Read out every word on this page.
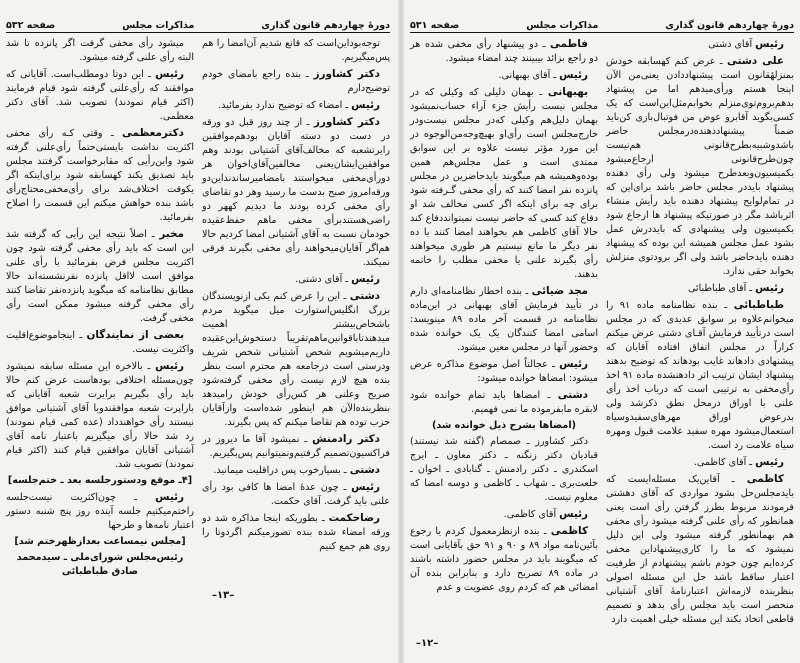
دورهٔ چهاردهم قانون گذاری
مذاکرات مجلس
صفحه ۵۳۲

توجه‌بوداین‌است که قانع شدیم آن‌امضا را هم پس‌میگیریم.

دکتر کشاورز ـ بنده راجع بامضای خودم توضیح‌دارم

رئیس ـ امضاء که توضیح ندارد بفرمائید.

دکتر کشاورز ـ از چند روز قبل دو ورقه در دست دو دسته آقایان بودهم‌موافقین رایرتشعبه که مخالف‌آقای آشتیانی بودند وهم موافقین‌ایشان‌یعنی مخالفین‌آقای‌اخوان هر دورأی‌مخفی میخواستند بامضامیرساندنداین‌دو ورقه‌امروز صبح بدست ما رسید وهر دو تقاضای رأی مخفی کرده بودند ما دیدیم کههر دو راضی‌هستندبرأی مخفی ماهم حفظ‌عقیده خودمان نسبت به آقای آشتیانی امضا کردیم حالا هم‌اگر آقایان‌میخواهند رأی مخفی بگیرند فرقی نمیکند.

رئیس ـ آقای دشتی.

دشتی ـ این را عرض کنم یکی ازنویسندگان بزرگ انگلیس‌استوارت میل میگوید مردم باشخاص‌بیشتر اهمیت میدهندتاباقوانین‌ماهم‌تقریباً دستخوش‌این‌عقیده داریم‌میشویم شخص آشتیانی شخص شریف ودرستی است درجامعه هم محترم است بنظر بنده هیچ لازم نیست رأی مخفی گرفته‌شود صریح وعلنی هر کس‌رأی خودش رامیدهد بنظربنده‌الآن هم اینطور شده‌است وازآقایان حزب توده هم تقاضا میکنم که پس بگیرند.

دکتر رادمنش ـ نمیشود آقا ما دیروز در فراکسیون‌تصمیم گرفتیم‌ونمیتوانیم پس‌بگیریم.

دشتی ـ بسیارخوب پس دراقلیت میمانید.

رئیس ـ چون عدهٔ امضا ها کافی بود رأی علنی باید گرفت. آقای حکمت.

رضاحکمت ـ بطوریکه اینجا مذاکره شد دو ورقه امضاء شده بنده تصورمیکنم اگردوتا را روی هم جمع کنیم

میشود رأی مخفی گرفت اگر پانزده تا شد البته رأی علنی گرفته میشود.

رئیس ـ این دوتا دومطلب‌است. آقایانی که موافقند که رأی‌علنی گرفته شود قیام فرمایند (اکثر قیام نمودند) تصویب شد. آقای دکتر معظمی.

دکترمعظمی ـ وقتی کـه رأی مخفی اکثریت نداشت بایستی‌حتماً رأی‌علنی گرفته شود واین‌رأیی که مقابرخواست گرفتند مجلس باید تصدیق بکند کهسابقه شود برای‌اینکه اگر یکوقت اختلاف‌شد برای رأی‌مخفی‌محتاج‌رأی باشد بنده خواهش میکنم این قسمت را اصلاح بفرمائید.

مخبر ـ اصلاً نتیجه این رأیی که گرفته شد این است که باید رأی مخفی گرفته شود چون اکثریت مجلس فرض بفرمائید با رأی علنی موافق است لااقل پانزده نفرنشسته‌اند حالا مطابق نظامنامه که میگوید پانزده‌نفر تقاضا کنند رأی مخفی گرفته میشود ممکن است رأی مخفی گرفت.

بعضی از نمایندگان ـ اینجاموضوع‌اقلیت واکثریت نیست.

رئیس ـ بالاخره این مسئله سابقه نمیشود چون‌مسئله اختلافی بودهاست عرض کنم حالا باید رأی بگیریم برایرت شعبه آقایانی که باراپرت شعبه موافقندوبا آقای آشتیانی موافق نیستند رأی خواهندداد (عده کمی قیام نمودند) رد شد حالا رأی میگیریم باعتبار نامه آقای آشتیانی آقایان موافقین قیام کنند (اکثر قیام نمودند) تصویب شد.

[۴ـ موقع ودستورجلسه بعد ـ ختم‌جلسه]

رئیس ـ چون‌اکثریت نیست‌جلسه راختم‌میکنیم جلسه آینده روز پنج شنبه دستور اعتبار نامه‌ها و طرحها

[مجلس نیمساعت بعدازظهرختم شد]

رئیس‌مجلس شورای‌ملی ـ سیدمحمد صادق طباطبائی

–۱۳–
دورهٔ چهاردهم قانون گذاری
مذاکرات مجلس
صفحه ۵۳۱

رئیس آقای دشتی

علی دشتی ـ عرض کنم کهسابقه خودش بمنزلهٔقانون است پیشنهاددادن یعنی‌من الآن اینجا هستم ورأی‌میدهم اما من پیشنهاد بدهم‌بروم‌توی‌منزلم بخوابم‌مثل‌این‌است که یک کسی‌بگوید آقابرو عوض من فوتبال‌بازی کن‌باید ضمناً پیشنهاددهنده‌درمجلس حاضر باشدوشبیه‌بطرح‌قانونی هم‌نیست چون‌طرح‌قانونی ارجاع‌میشود بکمیسیون‌وبعدطرح میشود ولی رأی دهنده پیشنهاد بایددر مجلس حاضر باشد برای‌این که در تمام‌لوایح پیشنهاد دهنده باید رأیش منشاء اثرباشد مگر در صورتیکه پیشنهاد ها ارجاع شود بکمیسیون ولی پیشنهادی که بایددرش عمل بشود عمل مجلس همیشه این بوده که پیشنهاد دهنده بایدحاضر باشد ولی اگر برودتوی منزلش بخوابد حقی ندارد.

رئیس ـ آقای طباطبائی

طباطبائی ـ بنده نظامنامه ماده ۹۱ را میخوانم‌علاوه بر سوابق عدیدی که در مجلس است در‌تأیید فرمایش آقـای دشتی عرض میکنم کراراً در مجلس اتفاق افتاده آقایان که پیشنهادی دادهاند غایب بودهاند که توضیح بدهند پیشنهاد ایشان ترتیب اثر دادهنشده ماده ۹۱ اخذ رأی‌مخفی به ترتیبی است که درباب اخذ رأی علنی با اوراق درمحل نطق ذکرشد ولی بدرعوض اوراق مهرهای‌سفیدوسیاه استعمال‌میشود مهره سفید علامت قبول ومهره سیاه علامت رد است.

رئیس ـ آقای کاظمی.

کاظمی ـ آقاین‌یک مسئله‌ایست که بایدمجلس‌حل بشود مواردی که آقای دهشتی فرمودند مربوط بطرز گرفتن رأی است یعنی همانطور که رأی علنی گرفته میشود رأی مخفی هم بهمانطور گرفته میشود ولی این دلیل نمیشود که ما را کاری‌پیشنهاد‌این مخفی کرده‌ایم چون خودم باشم پیشنهادم از طرفیت اعتبار ساقط باشد حل این مسئله اصولی بنظربنده لازمه‌اش اعتبارنامهٔ آقای آشتیانی منحصر است باید مجلس رأی بدهد و تصمیم قاطعی اتخاذ بکند این مسئله خیلی اهمیت دارد

فاطمی ـ دو پیشنهاد رأی مخفی شده هر دو راجع بزائد بیبینند چند امضاء میشود.

رئیس ـ آقای بهبهانی.

بهبهانی ـ بهمان دلیلی که وکیلی که در مجلس نیست رأیش جزء آراء حساب‌نمیشود بهمان دلیل‌هم وکیلی که‌در مجلس نیست‌ودر خارج‌مجلس است رأی‌او بهیچ‌وجه‌من‌الوجوه در این مورد مؤثر نیست علاوه بر این سوابق ممتدی است و عمل مجلس‌هم همین بوده‌وهمیشه هم میگویند بایدحاضرین در مجلس پانزده نفر امضا کنند که رأی مخفی گـرفته شود برای چه برای اینکه اگر کسی مخالف شد او دفاع کند کسی که حاضر نیست نمیتوانددفاع کند حالا آقای کاظمی هم بخواهند امضا کنند یا ده نفر دیگر ما مانع نیستیم هر طوری میخواهند رأی بگیرند علنی یا مخفی مطلب را خاتمه بدهند.

مجد ضیائی ـ بنده اخطار نظامنامه‌ای دارم در تأیید فرمایش آقای بهبهانی در این‌ماده نظامنامه در قسمت آخر ماده ۸۹ مینویسد: اسامی امضا کنندگان یک یک خوانده شده وحضور آنها در مجلس معین میشود.

رئیس ـ عجالتاً اصل موضوع مذاکره عرض میشود: امضاها خوانده میشود:

دشتی ـ امضاها باید تمام خوانده شود لابقره مابفرموده ما نمی فهمیم.

(امضاها بشرح ذیل خوانده شد)

دکتر کشاورز ـ صمصام (گفته شد نیستند) قبادیان دکتر زنگنه ـ دکتر معاون ـ ایرج اسکندری ـ دکتر رادمنش ـ گنابادی ـ اخوان ـ خلعت‌بری ـ شهاب ـ کاظمی و دوسه امضا که معلوم نیست.

رئیس آقای کاظمی.

کاظمی ـ بنده ازنظرمعمول کردم یا رجوع بآئین‌نامه مواد ۸۹ و ۹۰ و ۹۱ حق بآقایانی است که میگویند باید در مجلس حضور داشته باشند در ماده ۸۹ تصریح دارد و بنابراین بنده آن امضائی هم که کردم روی عضویت و عدم

–۱۲–
